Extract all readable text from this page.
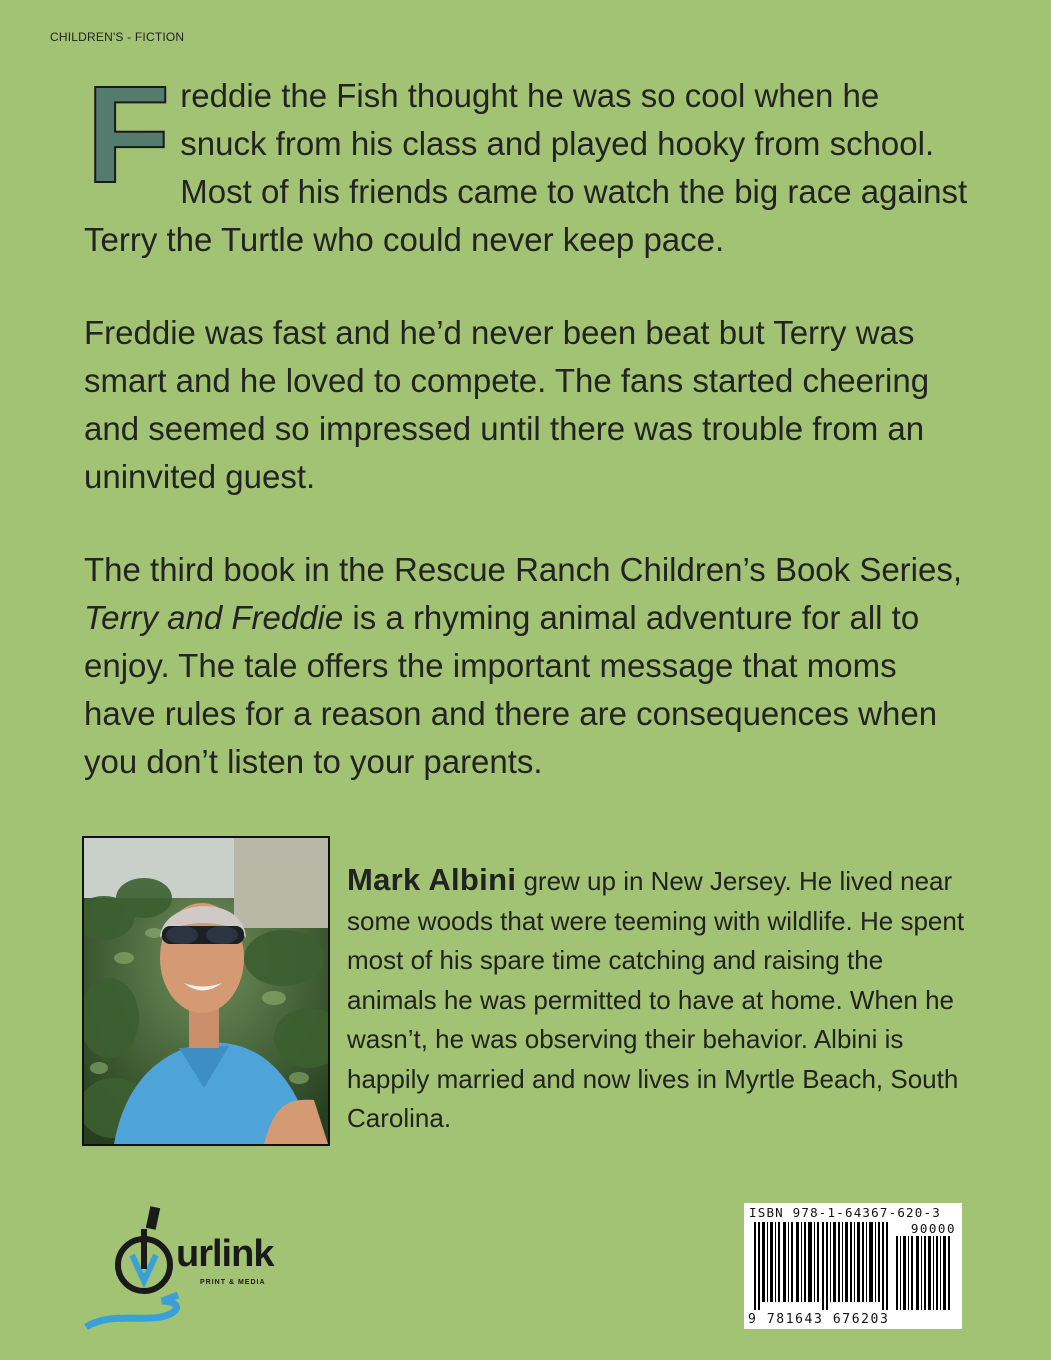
CHILDREN'S - FICTION

Freddie the Fish thought he was so cool when he snuck from his class and played hooky from school. Most of his friends came to watch the big race against Terry the Turtle who could never keep pace.

Freddie was fast and he’d never been beat but Terry was smart and he loved to compete. The fans started cheering and seemed so impressed until there was trouble from an uninvited guest.

The third book in the Rescue Ranch Children’s Book Series, Terry and Freddie is a rhyming animal adventure for all to enjoy. The tale offers the important message that moms have rules for a reason and there are consequences when you don’t listen to your parents.

Mark Albini grew up in New Jersey. He lived near some woods that were teeming with wildlife. He spent most of his spare time catching and raising the animals he was permitted to have at home. When he wasn’t, he was observing their behavior. Albini is happily married and now lives in Myrtle Beach, South Carolina.
urlink
PRINT & MEDIA
ISBN 978-1-64367-620-3
90000
9 781643 676203
